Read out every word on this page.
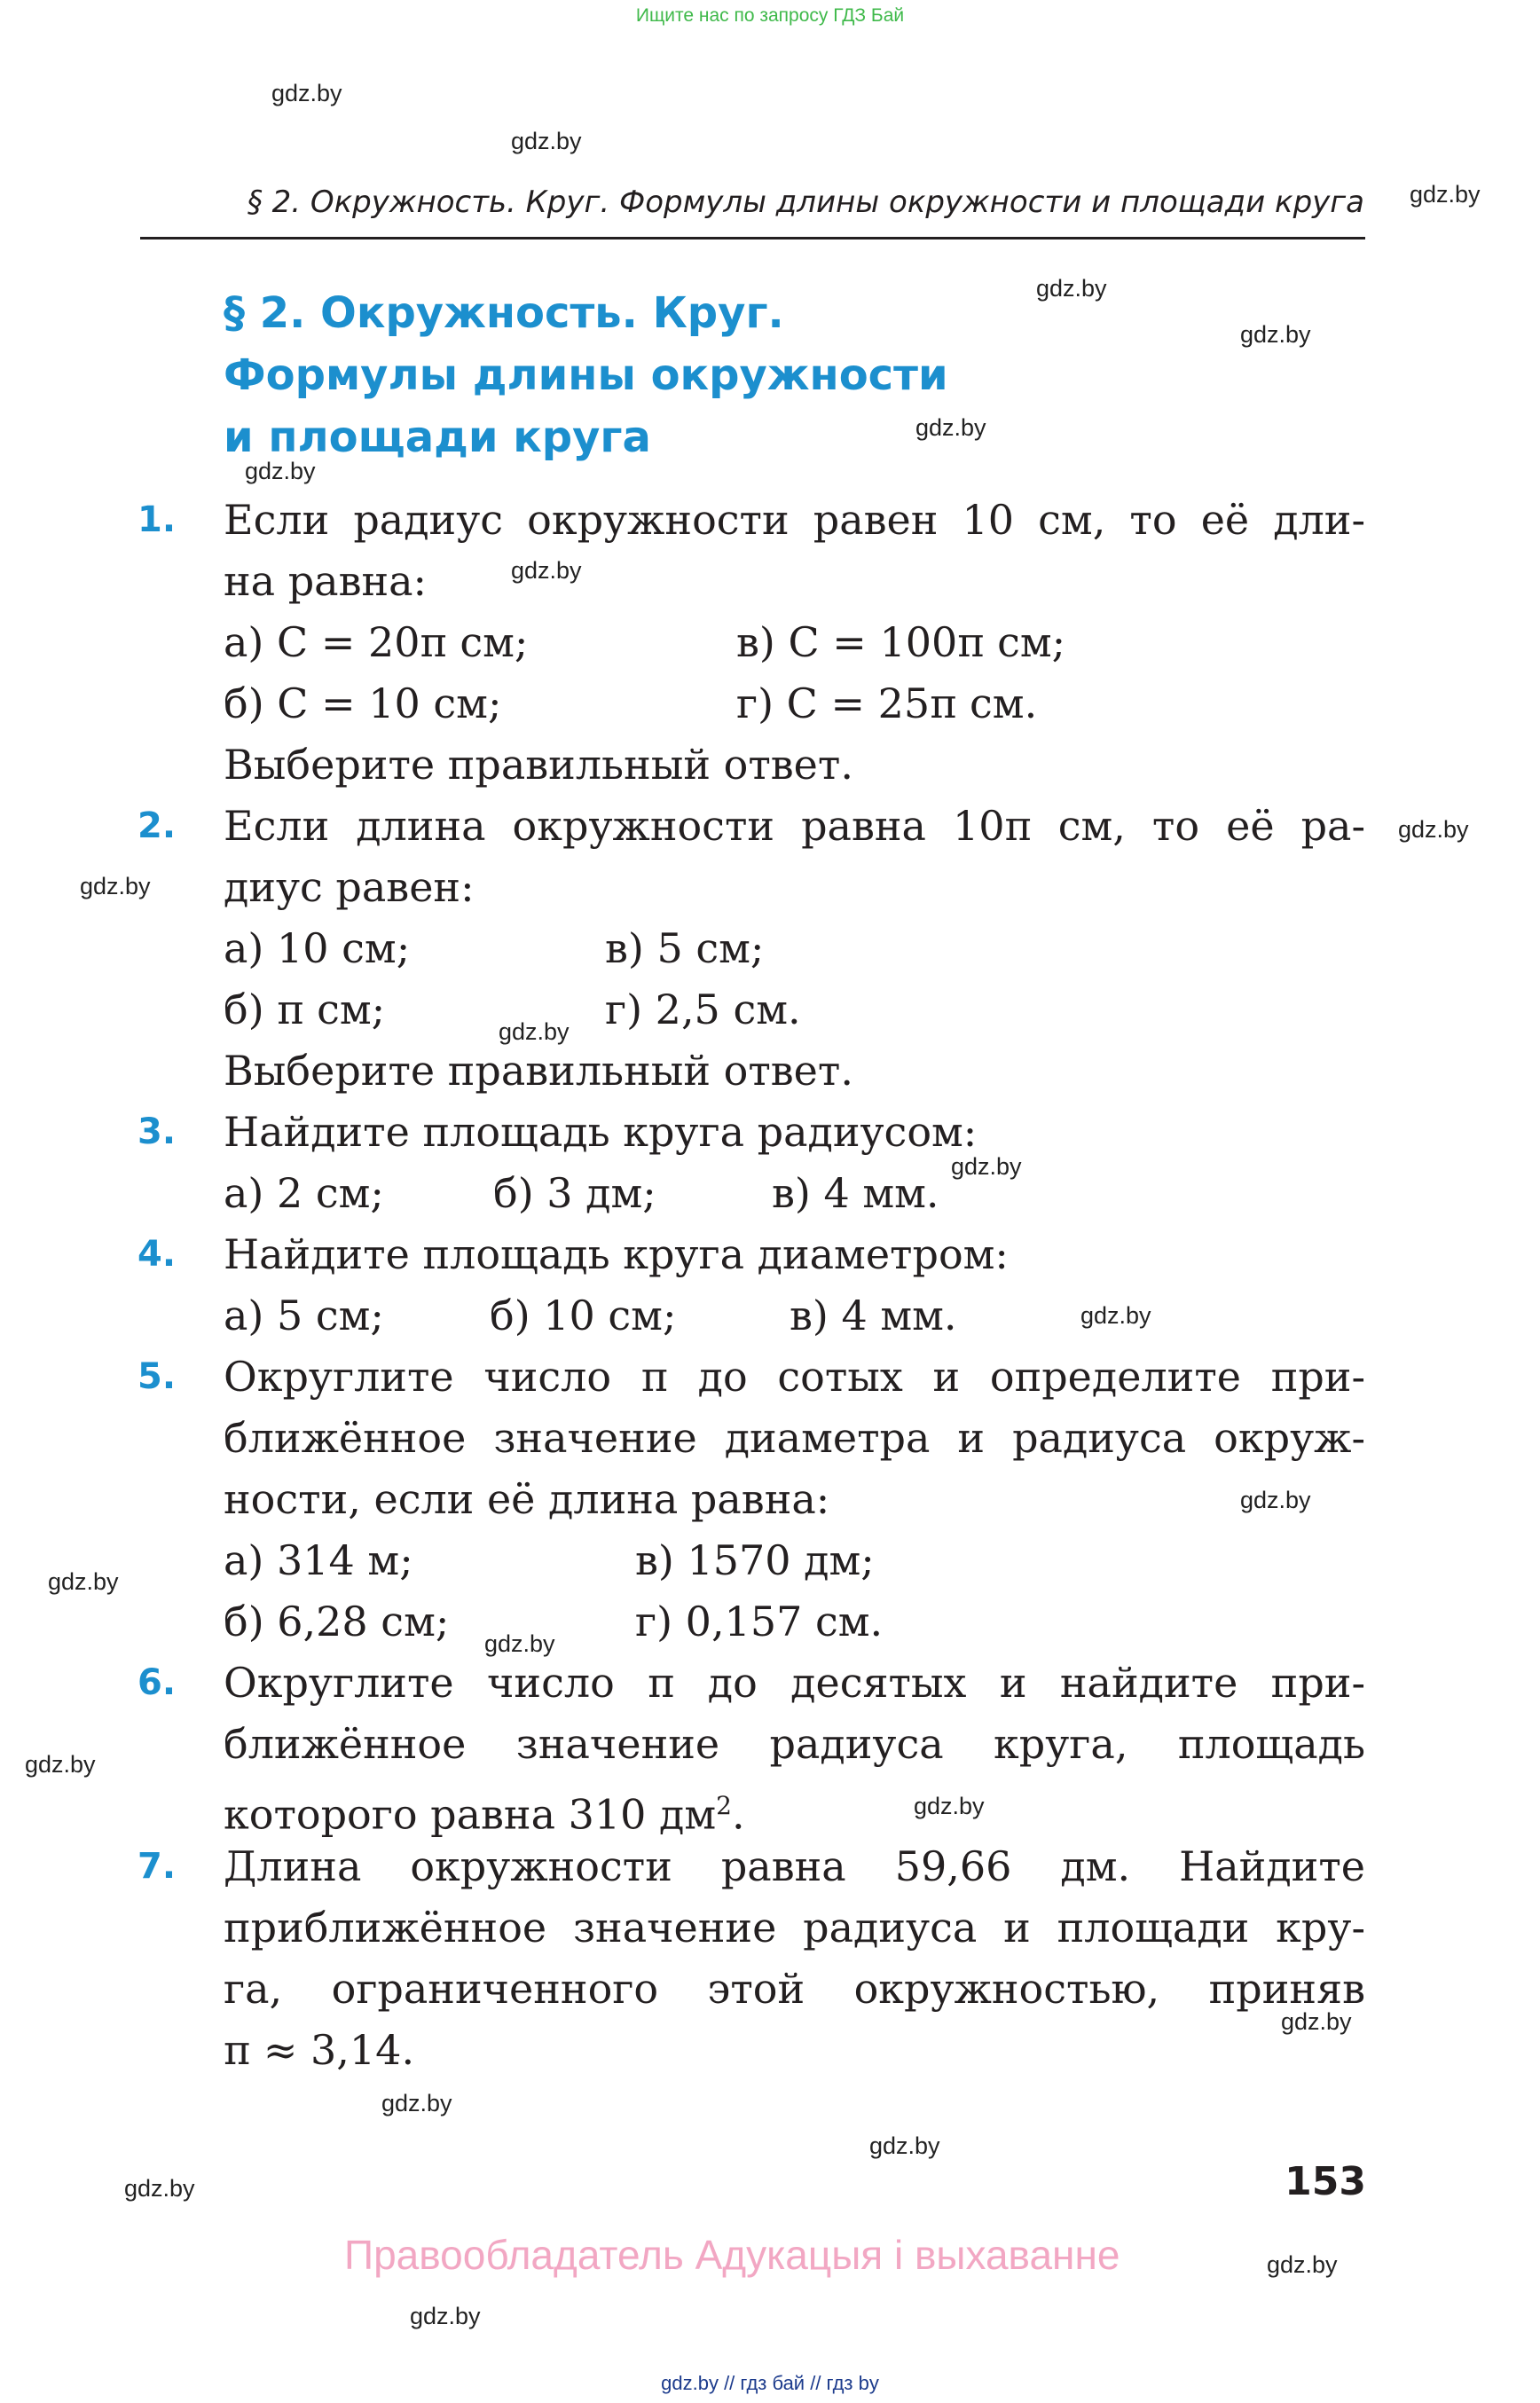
Ищите нас по запросу ГДЗ Бай
gdz.by
gdz.by
gdz.by
gdz.by
gdz.by
gdz.by
gdz.by
gdz.by
gdz.by
gdz.by
gdz.by
gdz.by
gdz.by
gdz.by
gdz.by
gdz.by
gdz.by
gdz.by
gdz.by
gdz.by
gdz.by
gdz.by
gdz.by
gdz.by
§ 2. Окружность. Круг. Формулы длины окружности и площади круга
§ 2. Окружность. Круг.
Формулы длины окружности
и площади круга
1. Если радиус окружности равен 10 см, то её дли-
на равна:
а) C = 20π см;	в) C = 100π см;
б) C = 10 см;	г) C = 25π см.
Выберите правильный ответ.
2. Если длина окружности равна 10π см, то её ра-
диус равен:
а) 10 см;	в) 5 см;
б) π см;	г) 2,5 см.
Выберите правильный ответ.
3. Найдите площадь круга радиусом:
а) 2 см;	б) 3 дм;	в) 4 мм.
4. Найдите площадь круга диаметром:
а) 5 см;	б) 10 см;	в) 4 мм.
5. Округлите число π до сотых и определите при-
ближённое значение диаметра и радиуса окруж-
ности, если её длина равна:
а) 314 м;	в) 1570 дм;
б) 6,28 см;	г) 0,157 см.
6. Округлите число π до десятых и найдите при-
ближённое значение радиуса круга, площадь
которого равна 310 $дм^2$.
7. Длина окружности равна 59,66 дм. Найдите
приближённое значение радиуса и площади кру-
га, ограниченного этой окружностью, приняв
π ≈ 3,14.
153
Правообладатель Адукацыя і выхаванне
gdz.by // гдз бай // гдз by
